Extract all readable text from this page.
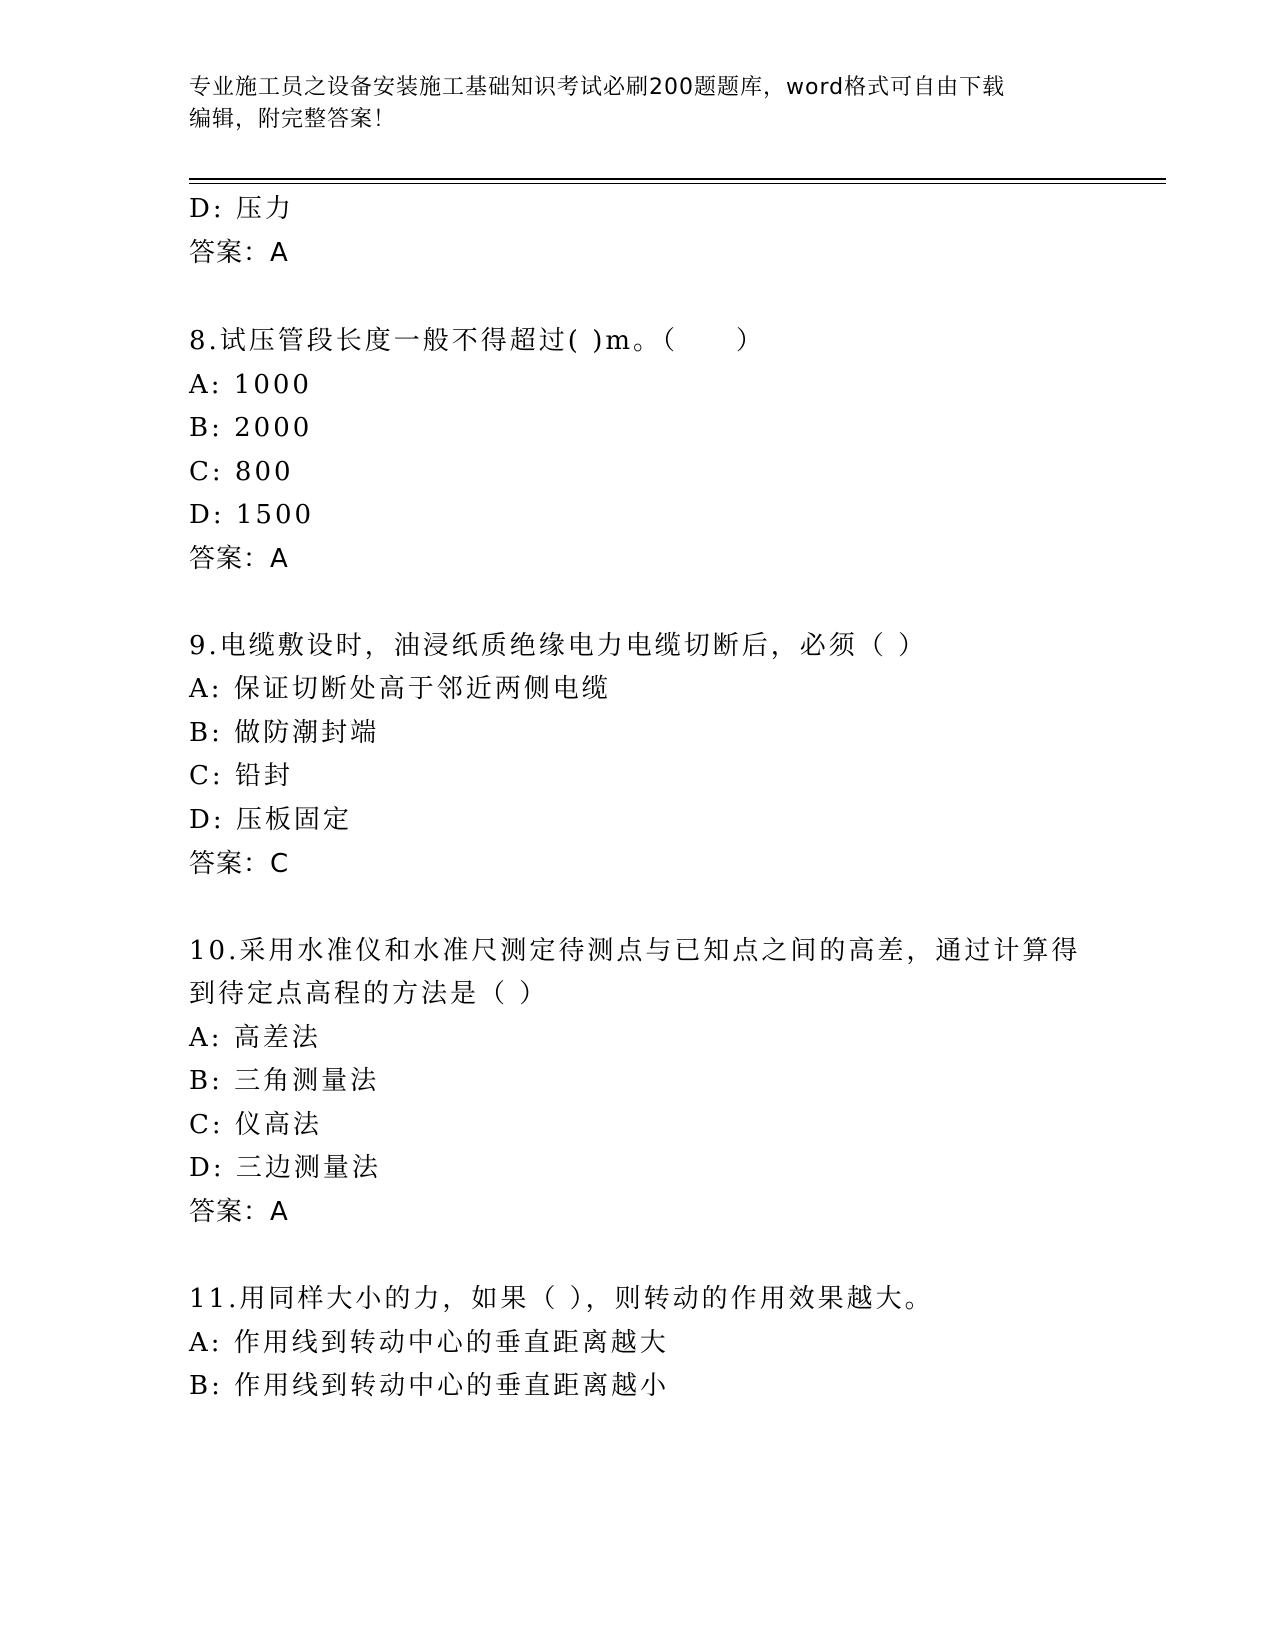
专业施工员之设备安装施工基础知识考试必刷200题题库，word格式可自由下载
编辑，附完整答案！
D: 压力
答案：A
8.试压管段长度一般不得超过( )m。（　　）
A: 1000
B: 2000
C: 800
D: 1500
答案：A
9.电缆敷设时，油浸纸质绝缘电力电缆切断后，必须（ ）
A: 保证切断处高于邻近两侧电缆
B: 做防潮封端
C: 铅封
D: 压板固定
答案：C
10.采用水准仪和水准尺测定待测点与已知点之间的高差，通过计算得
到待定点高程的方法是（ ）
A: 高差法
B: 三角测量法
C: 仪高法
D: 三边测量法
答案：A
11.用同样大小的力，如果（ ），则转动的作用效果越大。
A: 作用线到转动中心的垂直距离越大
B: 作用线到转动中心的垂直距离越小
